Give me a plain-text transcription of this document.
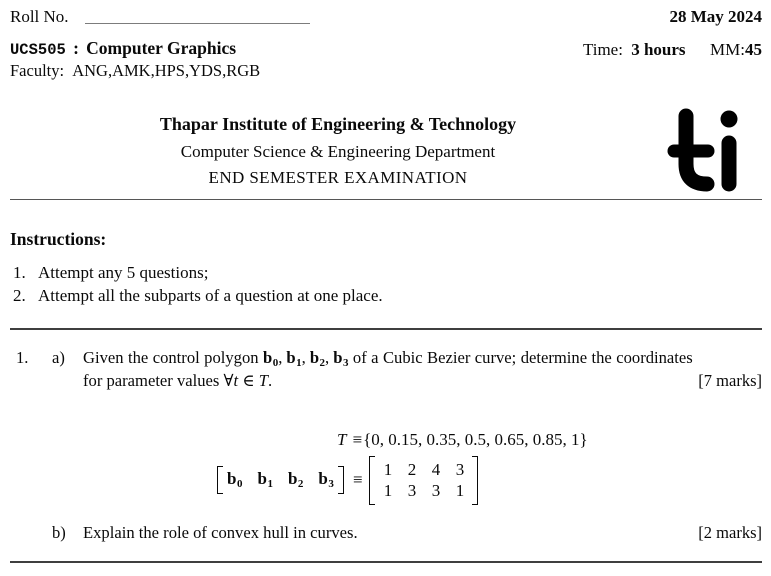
Roll No.	28 May 2024
UCS505 : Computer Graphics	Time: 3 hours MM:45
Faculty: ANG,AMK,HPS,YDS,RGB
Thapar Institute of Engineering & Technology
Computer Science & Engineering Department
END SEMESTER EXAMINATION
Instructions:
1. Attempt any 5 questions;
2. Attempt all the subparts of a question at one place.
1. a) Given the control polygon b0, b1, b2, b3 of a Cubic Bezier curve; determine the coordinates
for parameter values ∀t ∈ T.	[7 marks]
T ≡{0, 0.15, 0.35, 0.5, 0.65, 0.85, 1}
b0 b1 b2 b3 ≡
1 2 4 3
1 3 3 1
b) Explain the role of convex hull in curves.	[2 marks]
